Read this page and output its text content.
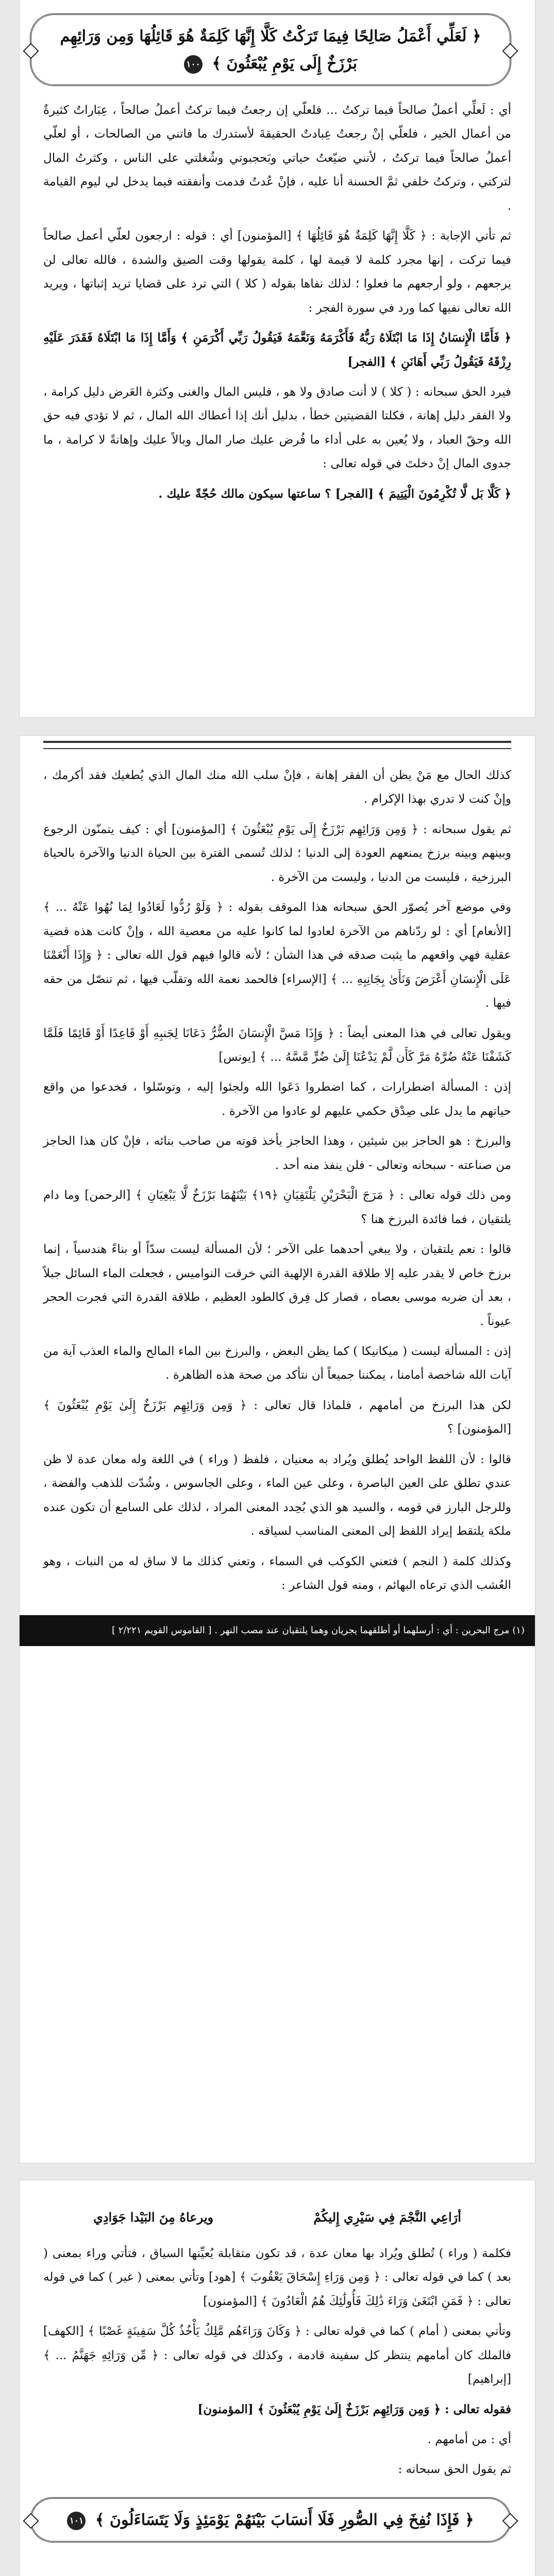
﴿ لَعَلِّي أَعْمَلُ صَالِحًا فِيمَا تَرَكْتُ كَلَّا إِنَّهَا كَلِمَةٌ هُوَ قَائِلُهَا وَمِن وَرَائِهِم بَرْزَخٌ إِلَى يَوْمِ يُبْعَثُونَ ﴾ ١٠٠

أي : لَعلِّي أعملُ صالحاً فيما تركتُ ... فلعلّي إن رجعتُ فيما تركتُ أعملُ صالحاً ، عِبَاراتٌ كثيرةٌ من أعمال الخير ، فلعلّي إنْ رجعتُ عِبادتٌ الحقيقةَ لأستدرك ما فاتني من الصالحات ، أو لعلّي أعملُ صالحاً فيما تركتُ ، لأنني ضيّعتُ حياتي وبَحجبوتي وشُغلتي على الناس ، وكثرتُ المال لتركتي ، وتركتُ خلفي ثمَّ الحسنة أنا عليه ، فإنْ عُدتُ فدمت وأنفقته فيما يدخل لي ليوم القيامة .

ثم تأتي الإجابة : ﴿ كَلَّا إِنَّهَا كَلِمَةٌ هُوَ قَائِلُهَا ﴾ [المؤمنون] أي : قوله : ارجعون لعلّي أعمل صالحاً فيما تركت ، إنها مجرد كلمة لا قيمة لها ، كلمة يقولها وقت الضيق والشدة ، فالله تعالى لن يرجعهم ، ولو أرجعهم ما فعلوا ؛ لذلك نفاها بقوله ( كلا ) التي ترد على قضايا تريد إثباتها ، ويريد الله تعالى نفيها كما ورد في سورة الفجر :

﴿ فَأَمَّا الْإِنسَانُ إِذَا مَا ابْتَلَاهُ رَبُّهُ فَأَكْرَمَهُ وَنَعَّمَهُ فَيَقُولُ رَبِّي أَكْرَمَنِ ﴾ وَأَمَّا إِذَا مَا ابْتَلَاهُ فَقَدَرَ عَلَيْهِ رِزْقَهُ فَيَقُولُ رَبِّي أَهَانَنِ ﴾ [الفجر]

فيرد الحق سبحانه : ( كلا ) لا أنت صادق ولا هو ، فليس المال والغنى وكثرة العَرض دليل كرامة ، ولا الفقر دليل إهانة ، فكلتا القضيتين خطأ ، بدليل أنك إذا أعطاك الله المال ، ثم لا تؤدي فيه حق الله وحقّ العباد ، ولا يُعين به على أداء ما فُرض عليك صار المال وبالاً عليك وإهانةً لا كرامة ، ما جدوى المال إنْ دخلتَ في قوله تعالى :

﴿ كَلَّا بَل لَّا تُكْرِمُونَ الْيَتِيمَ ﴾ [الفجر] ؟ ساعتها سيكون مالك حُجّةً عليك .

كذلك الحال مع مَنْ يظن أن الفقر إهانة ، فإنْ سلب الله منك المال الذي يُطغيك فقد أكرمك ، وإنْ كنت لا تدري بهذا الإكرام .

ثم يقول سبحانه : ﴿ وَمِن وَرَائِهِم بَرْزَخٌ إِلَى يَوْمِ يُبْعَثُونَ ﴾ [المؤمنون] أي : كيف يتمنّون الرجوع وبينهم وبينه برزخ يمنعهم العودة إلى الدنيا ؛ لذلك تُسمى الفترة بين الحياة الدنيا والآخرة بالحياة البرزخية ، فليست من الدنيا ، وليست من الآخرة .

وفي موضع آخر يُصوّر الحق سبحانه هذا الموقف بقوله : ﴿ وَلَوْ رُدُّوا لَعَادُوا لِمَا نُهُوا عَنْهُ ... ﴾ [الأنعام] أي : لو ردّناهم من الآخرة لعادوا لما كانوا عليه من معصية الله ، وإنْ كانت هذه قضية عقلية فهي واقعهم ما يثبت صدقه في هذا الشأن ؛ لأنه قالوا فيهم قول الله تعالى : ﴿ وَإِذَا أَنْعَمْنَا عَلَى الْإِنسَانِ أَعْرَضَ وَنَأَىٰ بِجَانِبِهِ ... ﴾ [الإسراء] فالحمد نعمة الله وتقلّب فيها ، ثم تنصّل من حقه فيها .

ويقول تعالى في هذا المعنى أيضاً : ﴿ وَإِذَا مَسَّ الْإِنسَانَ الضُّرُّ دَعَانَا لِجَنبِهِ أَوْ قَاعِدًا أَوْ قَائِمًا فَلَمَّا كَشَفْنَا عَنْهُ ضُرَّهُ مَرَّ كَأَن لَّمْ يَدْعُنَا إِلَىٰ ضُرٍّ مَّسَّهُ ... ﴾ [يونس]

إذن : المسألة اضطرارات ، كما اضطروا دَعَوا الله ولجئوا إليه ، وتوسّلوا ، فخدعوا من واقع حياتهم ما يدل على صِدْق حكمي عليهم لو عادوا من الآخرة .

والبرزخ : هو الحاجز بين شيئين ، وهذا الحاجز يأخذ قوته من صاحب بنائه ، فإنْ كان هذا الحاجز من صناعته - سبحانه وتعالى - فلن ينفذ منه أحد .

ومن ذلك قوله تعالى : ﴿ مَرَجَ الْبَحْرَيْنِ يَلْتَقِيَانِ ﴿١٩﴾ بَيْنَهُمَا بَرْزَخٌ لَّا يَبْغِيَانِ ﴾ [الرحمن] وما دام يلتقيان ، فما فائدة البرزخ هنا ؟

قالوا : نعم يلتقيان ، ولا يبغي أحدهما على الآخر ؛ لأن المسألة ليست سدّاً أو بناءً هندسياً ، إنما برزخ خاص لا يقدر عليه إلا طلاقة القدرة الإلهية التي خرقت النواميس ، فجعلت الماء السائل جبلاً ، بعد أن ضربه موسى بعصاه ، فصار كل فِرق كالطود العظيم ، طلاقة القدرة التي فجرت الحجر عيوناً .

إذن : المسألة ليست ( ميكانيكا ) كما يظن البعض ، والبرزخ بين الماء المالح والماء العذب آية من آيات الله شاخصة أمامنا ، يمكننا جميعاً أن نتأكد من صحة هذه الظاهرة .

لكن هذا البرزخ من أمامهم ، فلماذا قال تعالى : ﴿ وَمِن وَرَائِهِم بَرْزَخٌ إِلَىٰ يَوْمِ يُبْعَثُونَ ﴾ [المؤمنون] ؟

قالوا : لأن اللفظ الواحد يُطلق ويُراد به معنيان ، فلفظ ( وراء ) في اللغة وله معان عدة لا ظن عندي تطلق على العين الباصرة ، وعلى عين الماء ، وعلى الجاسوس ، وشُدّت للذهب والفضة ، وللرجل البارز في قومه ، والسيد هو الذي بُحِدد المعنى المراد ، لذلك على السامع أن تكون عنده ملكة يلتقط إيراد اللفظ إلى المعنى المناسب لسياقه .

وكذلك كلمة ( النجم ) فتعني الكوكب في السماء ، وتعني كذلك ما لا ساق له من النبات ، وهو العُشب الذي ترعاه البهائم ، ومنه قول الشاعر :

(١) مرج البحرين : أي : أرسلهما أو أطلقهما يجريان وهما يلتقيان عند مصب النهر . [ القاموس القويم ٢/٢٢١ ]
أرَاعِي النَّجْمَ فِي سَيْرِي إِليكُمْ
ويرعاهُ مِنَ البَيْدا جَوَادِي

فكلمة ( وراء ) تُطلق ويُراد بها معان عدة ، قد تكون متقابلة يُعيِّنها السياق ، فتأتي وراء بمعنى ( بعد ) كما في قوله تعالى : ﴿ وَمِن وَرَاءِ إِسْحَاقَ يَعْقُوبَ ﴾ [هود] وتأتي بمعنى ( غير ) كما في قوله تعالى : ﴿ فَمَنِ ابْتَغَىٰ وَرَاءَ ذَٰلِكَ فَأُولَٰئِكَ هُمُ الْعَادُونَ ﴾ [المؤمنون]

وتأتي بمعنى ( أمام ) كما في قوله تعالى : ﴿ وَكَانَ وَرَاءَهُم مَّلِكٌ يَأْخُذُ كُلَّ سَفِينَةٍ غَصْبًا ﴾ [الكهف] فالملك كان أمامهم ينتظر كل سفينة قادمة ، وكذلك في قوله تعالى : ﴿ مِّن وَرَائِهِ جَهَنَّمُ ... ﴾ [إبراهيم]

فقوله تعالى : ﴿ وَمِن وَرَائِهِم بَرْزَخٌ إِلَىٰ يَوْمِ يُبْعَثُونَ ﴾ [المؤمنون]

أي : من أمامهم .

ثم يقول الحق سبحانه :

﴿ فَإِذَا نُفِخَ فِي الصُّورِ فَلَا أَنسَابَ بَيْنَهُمْ يَوْمَئِذٍ وَلَا يَتَسَاءَلُونَ ﴾ ١٠١
